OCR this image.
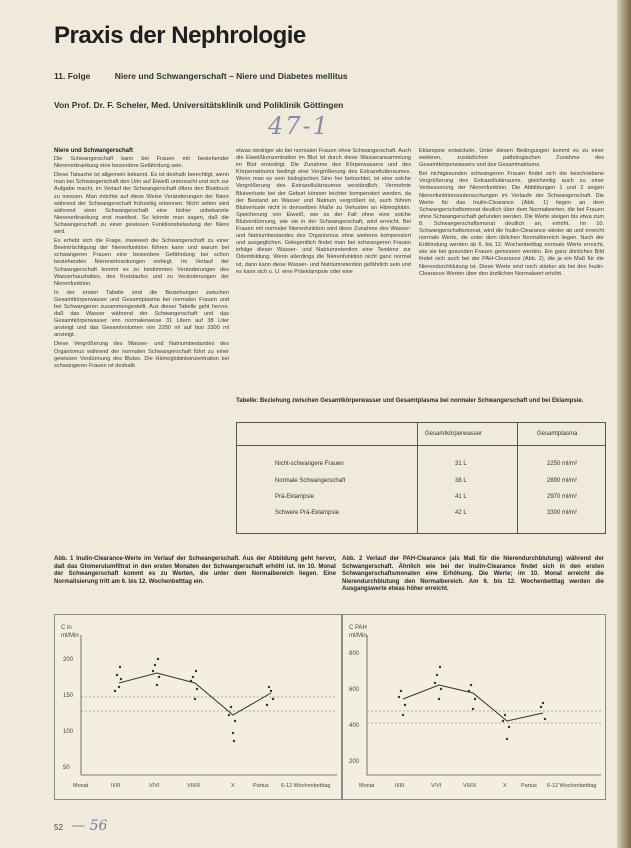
Praxis der Nephrologie
11. Folge	Niere und Schwangerschaft – Niere und Diabetes mellitus
Von Prof. Dr. F. Scheler, Med. Universitätsklinik und Poliklinik Göttingen
47-1
Niere und Schwangerschaft

Die Schwangerschaft kann bei Frauen mit bestehender Nierenerkrankung eine besondere Gefährdung sein.

Diese Tatsache ist allgemein bekannt. Es ist deshalb berechtigt, wenn man bei Schwangerschaft den Urin auf Eiweiß untersucht und sich zur Aufgabe macht, im Verlauf der Schwangerschaft öfters den Blutdruck zu messen. Man möchte auf diese Weise Veränderungen der Niere während der Schwangerschaft frühzeitig erkennen. Nicht selten wird während einer Schwangerschaft eine bisher unbekannte Nierenerkrankung erst manifest. So könnte man sagen, daß die Schwangerschaft zu einer gewissen Funktionsbelastung der Niere wird.

Es erhebt sich die Frage, inwieweit die Schwangerschaft zu einer Beeinträchtigung der Nierenfunktion führen kann und warum bei schwangeren Frauen eine besondere Gefährdung bei schon bestehenden Nierenerkrankungen vorliegt. Im Verlauf der Schwangerschaft kommt es zu bestimmten Veränderungen des Wasserhaushaltes, des Kreislaufes und zu Veränderungen der Nierenfunktion.

In der ersten Tabelle sind die Beziehungen zwischen Gesamtkörperwasser und Gesamtplasma bei normalen Frauen und bei Schwangeren zusammengestellt. Aus dieser Tabelle geht hervor, daß das Wasser während der Schwangerschaft und das Gesamtkörperwasser von normalerweise 31 Litern auf 38 Liter ansteigt und das Gesamtvolumen von 2250 ml auf fast 3300 ml ansteigt.

Diese Vergrößerung des Wasser- und Natriumbestandes des Organismus während der normalen Schwangerschaft führt zu einer gewissen Verdünnung des Blutes. Die Hämoglobinkonzentration bei schwangeren Frauen ist deshalb

etwas niedriger als bei normalen Frauen ohne Schwangerschaft. Auch die Eiweißkonzentration im Blut ist durch diese Wasseransammlung im Blut erniedrigt. Die Zunahme des Körperwassers und des Körpernatriums bedingt eine Vergrößerung des Extrazellulärraumes. Wenn man es vom biologischen Sinn her betrachtet, ist eine solche Vergrößerung des Extrazellulärraumes verständlich. Vermehrte Blutverluste bei der Geburt können leichter kompensiert werden, da der Bestand an Wasser und Natrium vergrößert ist, auch führen Blutverluste nicht in demselben Maße zu Verlusten an Hämoglobin. Speicherung von Eiweiß, wie es der Fall ohne eine solche Blutverdünnung, wie sie in der Schwangerschaft, wird erreicht. Bei Frauen mit normaler Nierenfunktion wird diese Zunahme des Wasser- und Natriumbestandes des Organismus ohne weiteres kompensiert und ausgeglichen. Gelegentlich findet man bei schwangeren Frauen infolge dieser Wasser- und Natriumretention eine Tendenz zur Ödembildung. Wenn allerdings die Nierenfunktion nicht ganz normal ist, dann kann diese Wasser- und Natriumretention gefährlich sein und es kann sich u. U. eine Präeklampsie oder eine

Eklampsie entwickeln. Unter diesen Bedingungen kommt es zu einer weiteren, zusätzlichen pathologischen Zunahme des Gesamtkörperwassers und des Gesamtnatriums.

Bei nichtgesunden schwangeren Frauen findet sich die beschriebene Vergrößerung des Extrazellulärraums, gleichzeitig auch zu einer Verbesserung der Nierenfunktion. Die Abbildungen 1 und 2 zeigen Nierenfunktionsuntersuchungen im Verlaufe der Schwangerschaft. Die Werte für das Inulin-Clearance (Abb. 1) liegen an dem Schwangerschaftsmonat deutlich über dem Normalwerten, die bei Frauen ohne Schwangerschaft gefunden werden. Die Werte steigen bis etwa zum 8. Schwangerschaftsmonat deutlich an, erhöht. Im 10. Schwangerschaftsmonat, wird die Inulin-Clearance wieder ab und erreicht normale Werte, die unter dem üblichen Normalbereich liegen. Nach der Entbindung werden ab 6. bis 12. Wochenbetttag normale Werte erreicht, wie sie bei gesunden Frauen gemessen werden. Ein ganz ähnliches Bild findet sich auch bei der PAH-Clearance (Abb. 2), die ja ein Maß für die Nierendurchblutung ist. Diese Werte sind noch stärker als bei den Inulin-Clearance-Werten über den ärztlichen Normalwert erhöht.

Tabelle: Beziehung zwischen Gesamtkörperwasser und Gesamtplasma bei normaler Schwangerschaft und bei Eklampsie.
Gesamtkörperwasser	Gesamtplasma
Nicht-schwangere Frauen	31 L	2250 ml/m²
Normale Schwangerschaft	38 L	2890 ml/m²
Prä-Eklampsie	41 L	2970 ml/m²
Schwere Prä-Eklampsie	42 L	3300 ml/m²
Abb. 1 Inulin-Clearance-Werte im Verlauf der Schwangerschaft. Aus der Abbildung geht hervor, daß das Glomerulumfiltrat in den ersten Monaten der Schwangerschaft erhöht ist. Im 10. Monat der Schwangerschaft kommt es zu Werten, die unter dem Normalbereich liegen. Eine Normalisierung tritt am 6. bis 12. Wochenbetttag ein.
Abb. 2 Verlauf der PAH-Clearance (als Maß für die Nierendurchblutung) während der Schwangerschaft. Ähnlich wie bei der Inulin-Clearance findet sich in den ersten Schwangerschaftsmonaten eine Erhöhung. Die Werte; im 10. Monat erreicht die Nierendurchblutung den Normalbereich. Am 6. bis 12. Wochenbetttag werden die Ausgangswerte etwas höher erreicht.
C in
ml/Min
200
150
100
50
Monat	II/III	V/VI	VII/IX	X	Partus 6-12 Wochenbetttag
C PAH
ml/Min
800
600
400
200
Monat	II/III	V/VI	VII/IX	X	Partus 6-12 Wochenbetttag
52 — 56
